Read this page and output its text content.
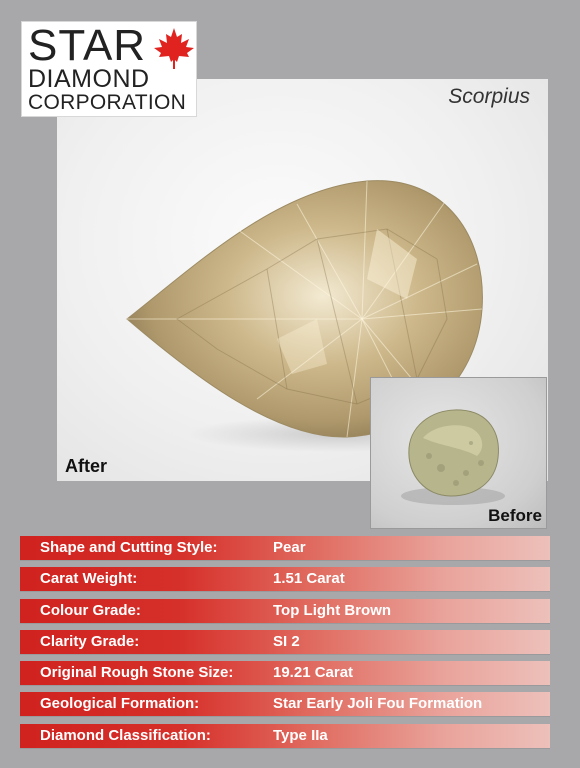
Scorpius
After
STAR
DIAMOND
CORPORATION
Before
Shape and Cutting Style:	Pear
Carat Weight:	1.51 Carat
Colour Grade:	Top Light Brown
Clarity Grade:	SI 2
Original Rough Stone Size:	19.21 Carat
Geological Formation:	Star Early Joli Fou Formation
Diamond Classification:	Type IIa
